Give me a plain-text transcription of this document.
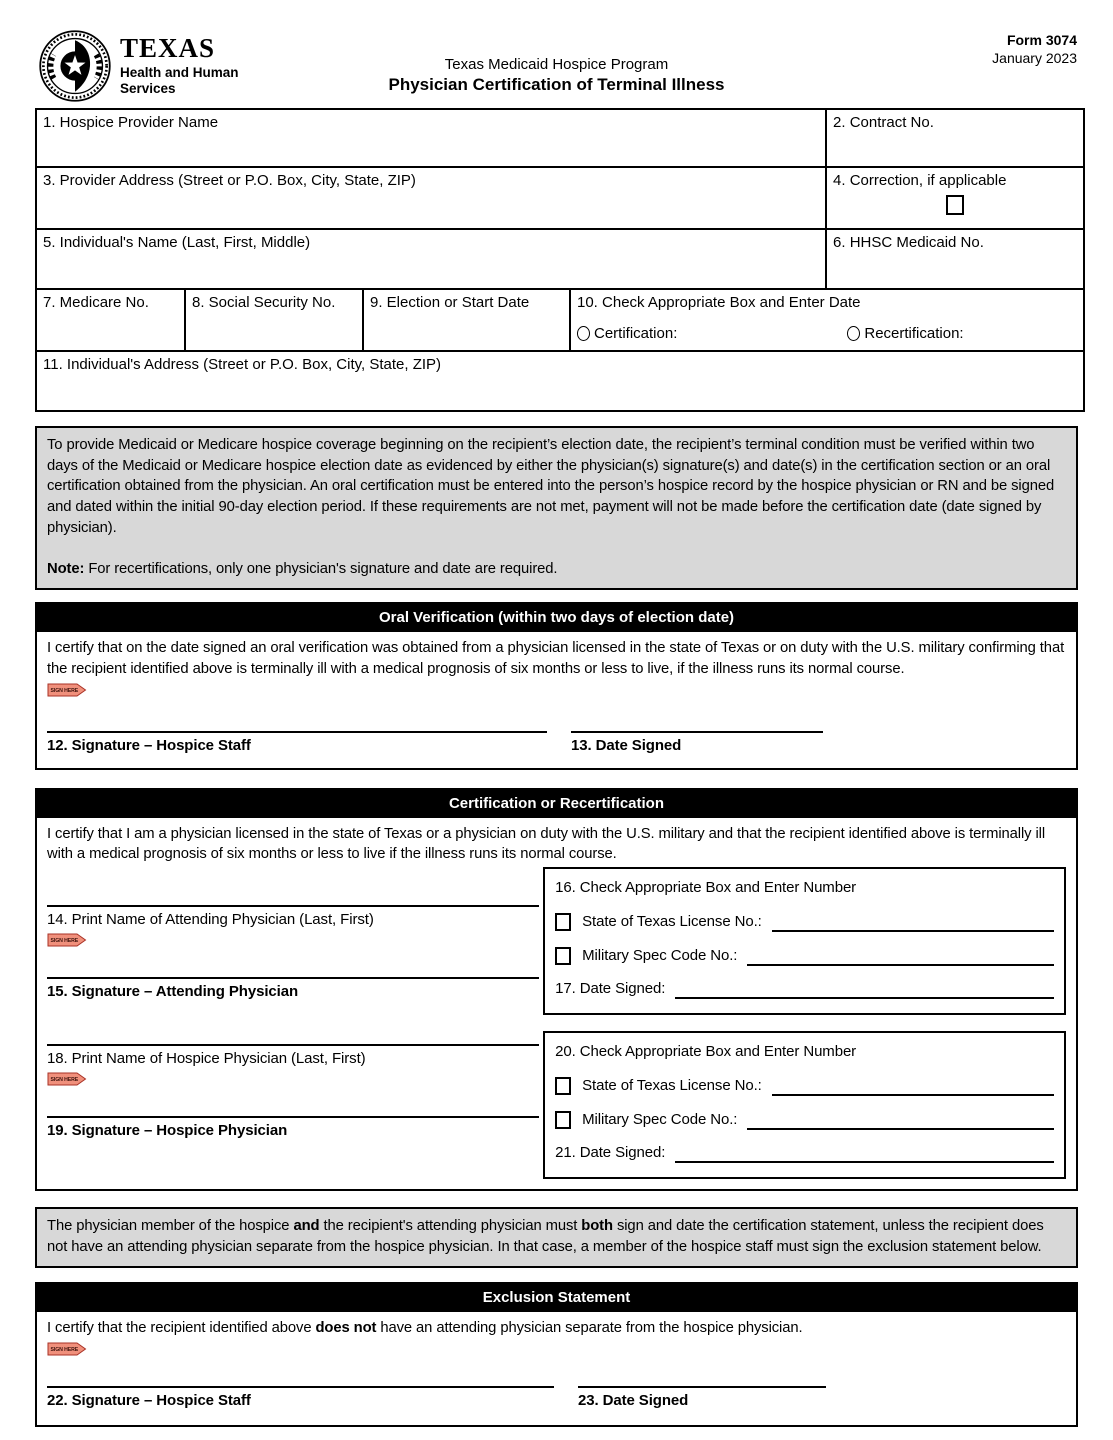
TEXAS
Health and Human
Services
Texas Medicaid Hospice Program
Physician Certification of Terminal Illness
Form 3074
January 2023
1. Hospice Provider Name				2. Contract No.
3. Provider Address (Street or P.O. Box, City, State, ZIP)				4. Correction, if applicable

5. Individual's Name (Last, First, Middle)				6. HHSC Medicaid No.
7. Medicare No.	8. Social Security No.	9. Election or Start Date	10. Check Appropriate Box and Enter Date
Certification: Recertification:	

11. Individual's Address (Street or P.O. Box, City, State, ZIP)				
To provide Medicaid or Medicare hospice coverage beginning on the recipient’s election date, the recipient’s terminal condition must be verified within two days of the Medicaid or Medicare hospice election date as evidenced by either the physician(s) signature(s) and date(s) in the certification section or an oral certification obtained from the physician. An oral certification must be entered into the person’s hospice record by the hospice physician or RN and be signed and dated within the initial 90-day election period. If these requirements are not met, payment will not be made before the certification date (date signed by physician).
Note: For recertifications, only one physician's signature and date are required.
Oral Verification (within two days of election date)
I certify that on the date signed an oral verification was obtained from a physician licensed in the state of Texas or on duty with the U.S. military confirming that the recipient identified above is terminally ill with a medical prognosis of six months or less to live, if the illness runs its normal course.
SIGN HERE
12. Signature – Hospice Staff	13. Date Signed
Certification or Recertification
I certify that I am a physician licensed in the state of Texas or a physician on duty with the U.S. military and that the recipient identified above is terminally ill with a medical prognosis of six months or less to live if the illness runs its normal course.
14. Print Name of Attending Physician (Last, First)
SIGN HERE
15. Signature – Attending Physician
18. Print Name of Hospice Physician (Last, First)
SIGN HERE
19. Signature – Hospice Physician
16. Check Appropriate Box and Enter Number
State of Texas License No.:
Military Spec Code No.:
17. Date Signed:
20. Check Appropriate Box and Enter Number
State of Texas License No.:
Military Spec Code No.:
21. Date Signed:
The physician member of the hospice and the recipient's attending physician must both sign and date the certification statement, unless the recipient does not have an attending physician separate from the hospice physician. In that case, a member of the hospice staff must sign the exclusion statement below.
Exclusion Statement
I certify that the recipient identified above does not have an attending physician separate from the hospice physician.
SIGN HERE
22. Signature – Hospice Staff	23. Date Signed
